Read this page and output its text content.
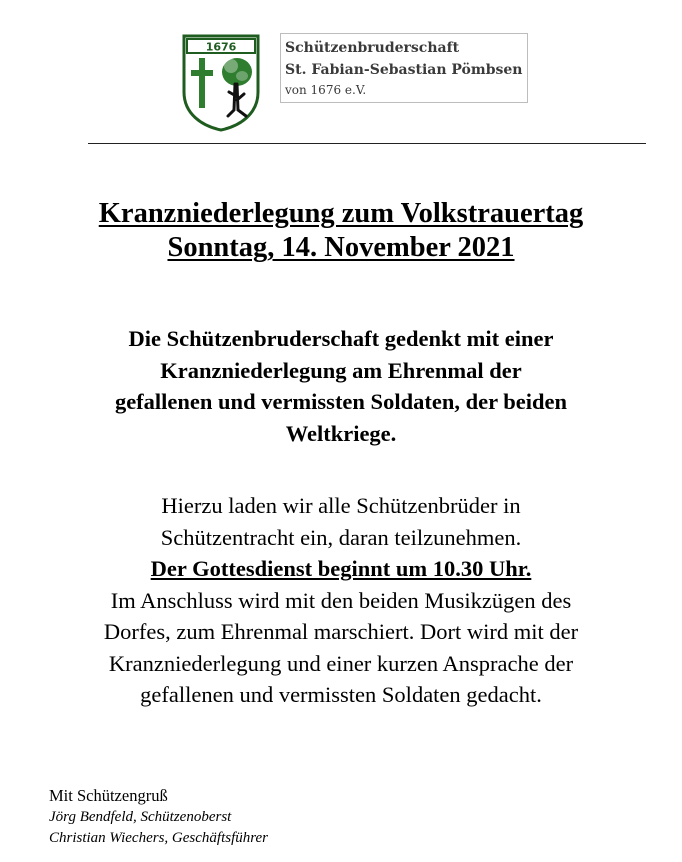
1676	Schützenbruderschaft
St. Fabian-Sebastian Pömbsen
von 1676 e.V.
Kranzniederlegung zum Volkstrauertag
Sonntag, 14. November 2021
Die Schützenbruderschaft gedenkt mit einer
Kranzniederlegung am Ehrenmal der
gefallenen und vermissten Soldaten, der beiden
Weltkriege.
Hierzu laden wir alle Schützenbrüder in
Schützentracht ein, daran teilzunehmen.
Der Gottesdienst beginnt um 10.30 Uhr.
Im Anschluss wird mit den beiden Musikzügen des
Dorfes, zum Ehrenmal marschiert. Dort wird mit der
Kranzniederlegung und einer kurzen Ansprache der
gefallenen und vermissten Soldaten gedacht.
Mit Schützengruß
Jörg Bendfeld, Schützenoberst
Christian Wiechers, Geschäftsführer
